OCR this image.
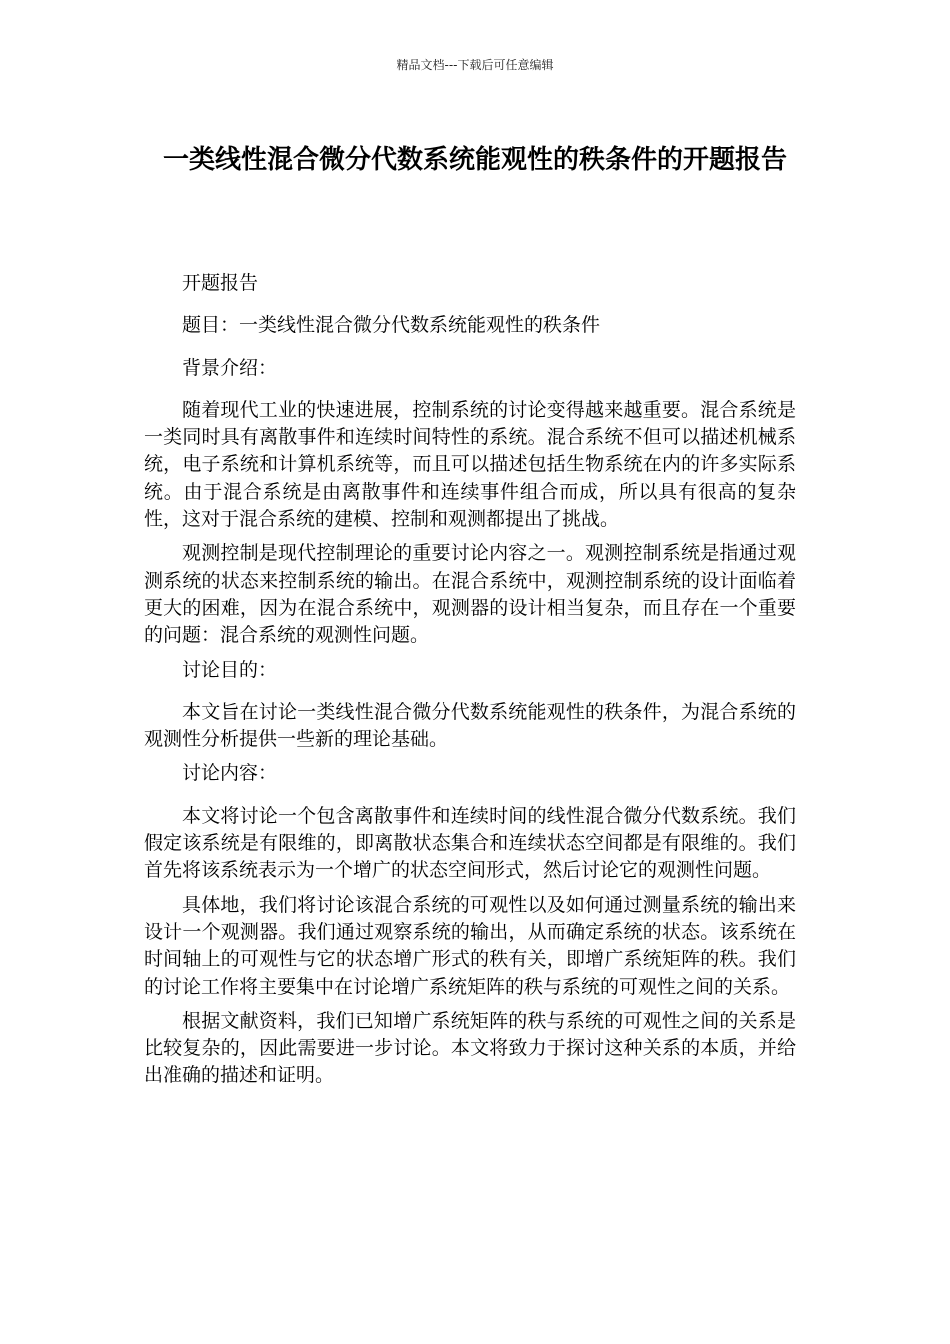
精品文档---下载后可任意编辑
一类线性混合微分代数系统能观性的秩条件的开题报告

开题报告

题目：一类线性混合微分代数系统能观性的秩条件

背景介绍：

随着现代工业的快速进展，控制系统的讨论变得越来越重要。混合系统是一类同时具有离散事件和连续时间特性的系统。混合系统不但可以描述机械系统，电子系统和计算机系统等，而且可以描述包括生物系统在内的许多实际系统。由于混合系统是由离散事件和连续事件组合而成，所以具有很高的复杂性，这对于混合系统的建模、控制和观测都提出了挑战。

观测控制是现代控制理论的重要讨论内容之一。观测控制系统是指通过观测系统的状态来控制系统的输出。在混合系统中，观测控制系统的设计面临着更大的困难，因为在混合系统中，观测器的设计相当复杂，而且存在一个重要的问题：混合系统的观测性问题。

讨论目的：

本文旨在讨论一类线性混合微分代数系统能观性的秩条件，为混合系统的观测性分析提供一些新的理论基础。

讨论内容：

本文将讨论一个包含离散事件和连续时间的线性混合微分代数系统。我们假定该系统是有限维的，即离散状态集合和连续状态空间都是有限维的。我们首先将该系统表示为一个增广的状态空间形式，然后讨论它的观测性问题。

具体地，我们将讨论该混合系统的可观性以及如何通过测量系统的输出来设计一个观测器。我们通过观察系统的输出，从而确定系统的状态。该系统在时间轴上的可观性与它的状态增广形式的秩有关，即增广系统矩阵的秩。我们的讨论工作将主要集中在讨论增广系统矩阵的秩与系统的可观性之间的关系。

根据文献资料，我们已知增广系统矩阵的秩与系统的可观性之间的关系是比较复杂的，因此需要进一步讨论。本文将致力于探讨这种关系的本质，并给出准确的描述和证明。
